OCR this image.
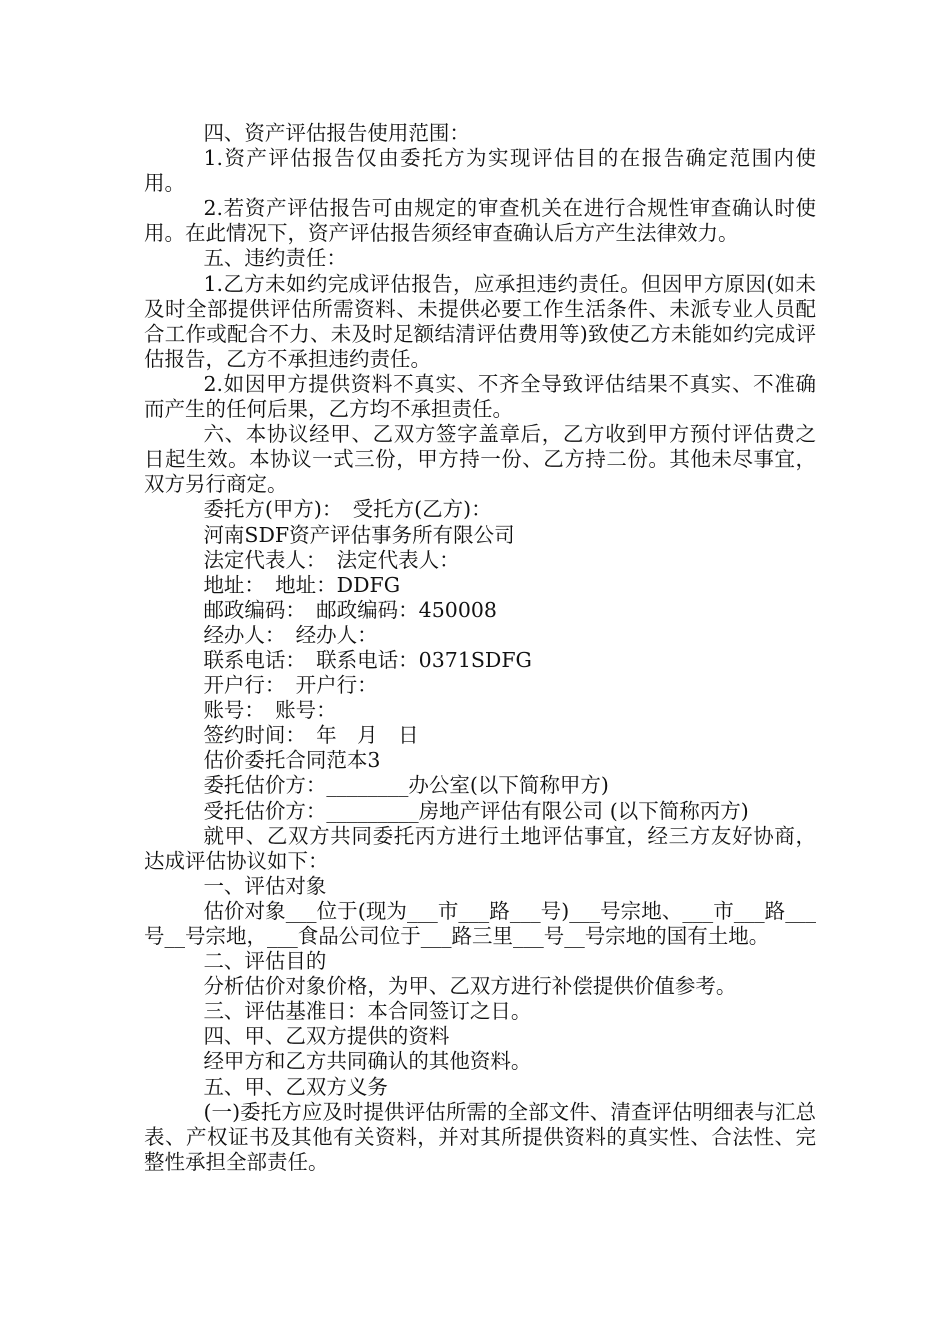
四、资产评估报告使用范围：

1.资产评估报告仅由委托方为实现评估目的在报告确定范围内使用。

2.若资产评估报告可由规定的审查机关在进行合规性审查确认时使用。在此情况下，资产评估报告须经审查确认后方产生法律效力。

五、违约责任：

1.乙方未如约完成评估报告，应承担违约责任。但因甲方原因(如未及时全部提供评估所需资料、未提供必要工作生活条件、未派专业人员配合工作或配合不力、未及时足额结清评估费用等)致使乙方未能如约完成评估报告，乙方不承担违约责任。

2.如因甲方提供资料不真实、不齐全导致评估结果不真实、不准确而产生的任何后果，乙方均不承担责任。

六、本协议经甲、乙双方签字盖章后，乙方收到甲方预付评估费之日起生效。本协议一式三份，甲方持一份、乙方持二份。其他未尽事宜，双方另行商定。

委托方(甲方)：　受托方(乙方)：

河南SDF资产评估事务所有限公司

法定代表人：　法定代表人：

地址：　地址：DDFG

邮政编码：　邮政编码：450008

经办人：　经办人：

联系电话：　联系电话：0371SDFG

开户行：　开户行：

账号：　账号：

签约时间：　年　月　日

估价委托合同范本3

委托估价方：________办公室(以下简称甲方)

受托估价方：_________房地产评估有限公司 (以下简称丙方)

就甲、乙双方共同委托丙方进行土地评估事宜，经三方友好协商，达成评估协议如下：

一、评估对象

估价对象___位于(现为___市___路___号)___号宗地、___市___路___号__号宗地，___食品公司位于___路三里___号__号宗地的国有土地。

二、评估目的

分析估价对象价格，为甲、乙双方进行补偿提供价值参考。

三、评估基准日：本合同签订之日。

四、甲、乙双方提供的资料

经甲方和乙方共同确认的其他资料。

五、甲、乙双方义务

(一)委托方应及时提供评估所需的全部文件、清查评估明细表与汇总表、产权证书及其他有关资料，并对其所提供资料的真实性、合法性、完整性承担全部责任。
